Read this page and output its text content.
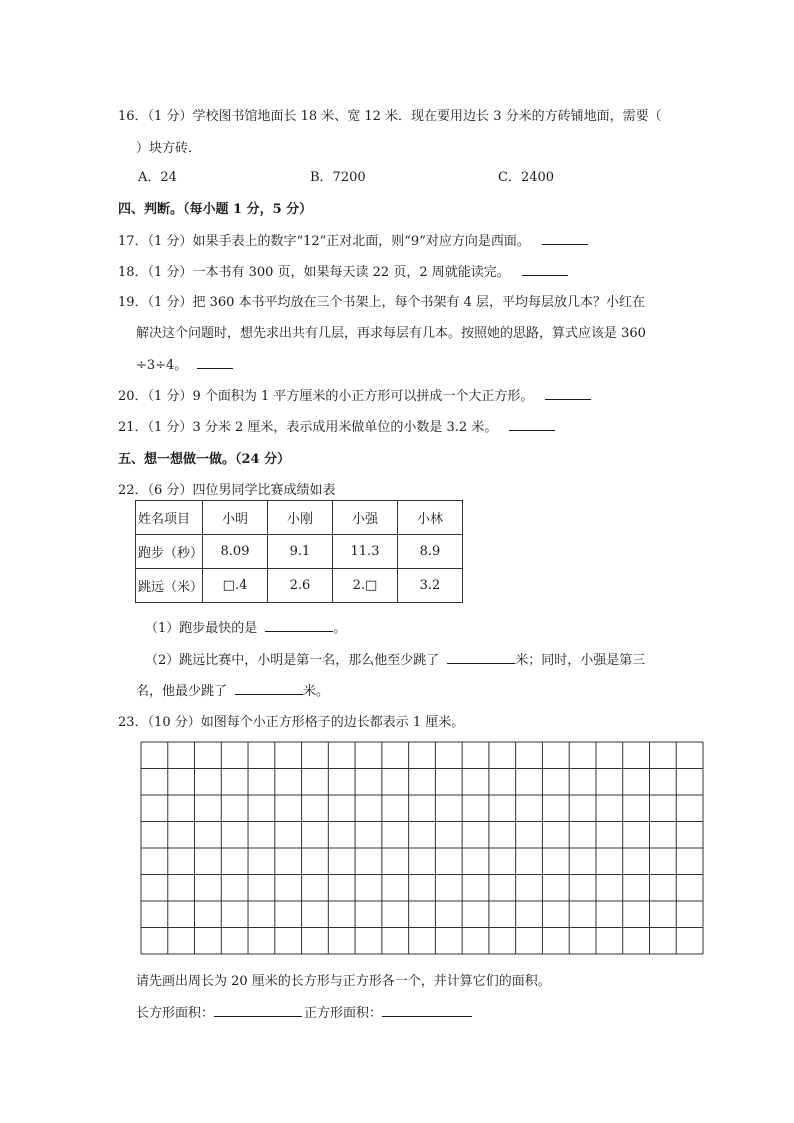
16．（1 分）学校图书馆地面长 18 米、宽 12 米．现在要用边长 3 分米的方砖铺地面，需要（
）块方砖．
A．24	B．7200	C．2400
四、判断。（每小题 1 分，5 分）
17．（1 分）如果手表上的数字“12”正对北面，则“9”对应方向是西面。
18．（1 分）一本书有 300 页，如果每天读 22 页，2 周就能读完。
19．（1 分）把 360 本书平均放在三个书架上，每个书架有 4 层，平均每层放几本？小红在
解决这个问题时，想先求出共有几层，再求每层有几本。按照她的思路，算式应该是 360
÷3÷4。
20．（1 分）9 个面积为 1 平方厘米的小正方形可以拼成一个大正方形。
21．（1 分）3 分米 2 厘米，表示成用米做单位的小数是 3.2 米。
五、想一想做一做。（24 分）
22．（6 分）四位男同学比赛成绩如表
姓名项目	小明	小刚	小强	小林
跑步（秒）	8.09	9.1	11.3	8.9
跳远（米）	□.4	2.6	2.□	3.2
（1）跑步最快的是	。
（2）跳远比赛中，小明是第一名，那么他至少跳了	米；同时，小强是第三
名，他最少跳了	米。
23．（10 分）如图每个小正方形格子的边长都表示 1 厘米。
请先画出周长为 20 厘米的长方形与正方形各一个，并计算它们的面积。
长方形面积：	正方形面积：
